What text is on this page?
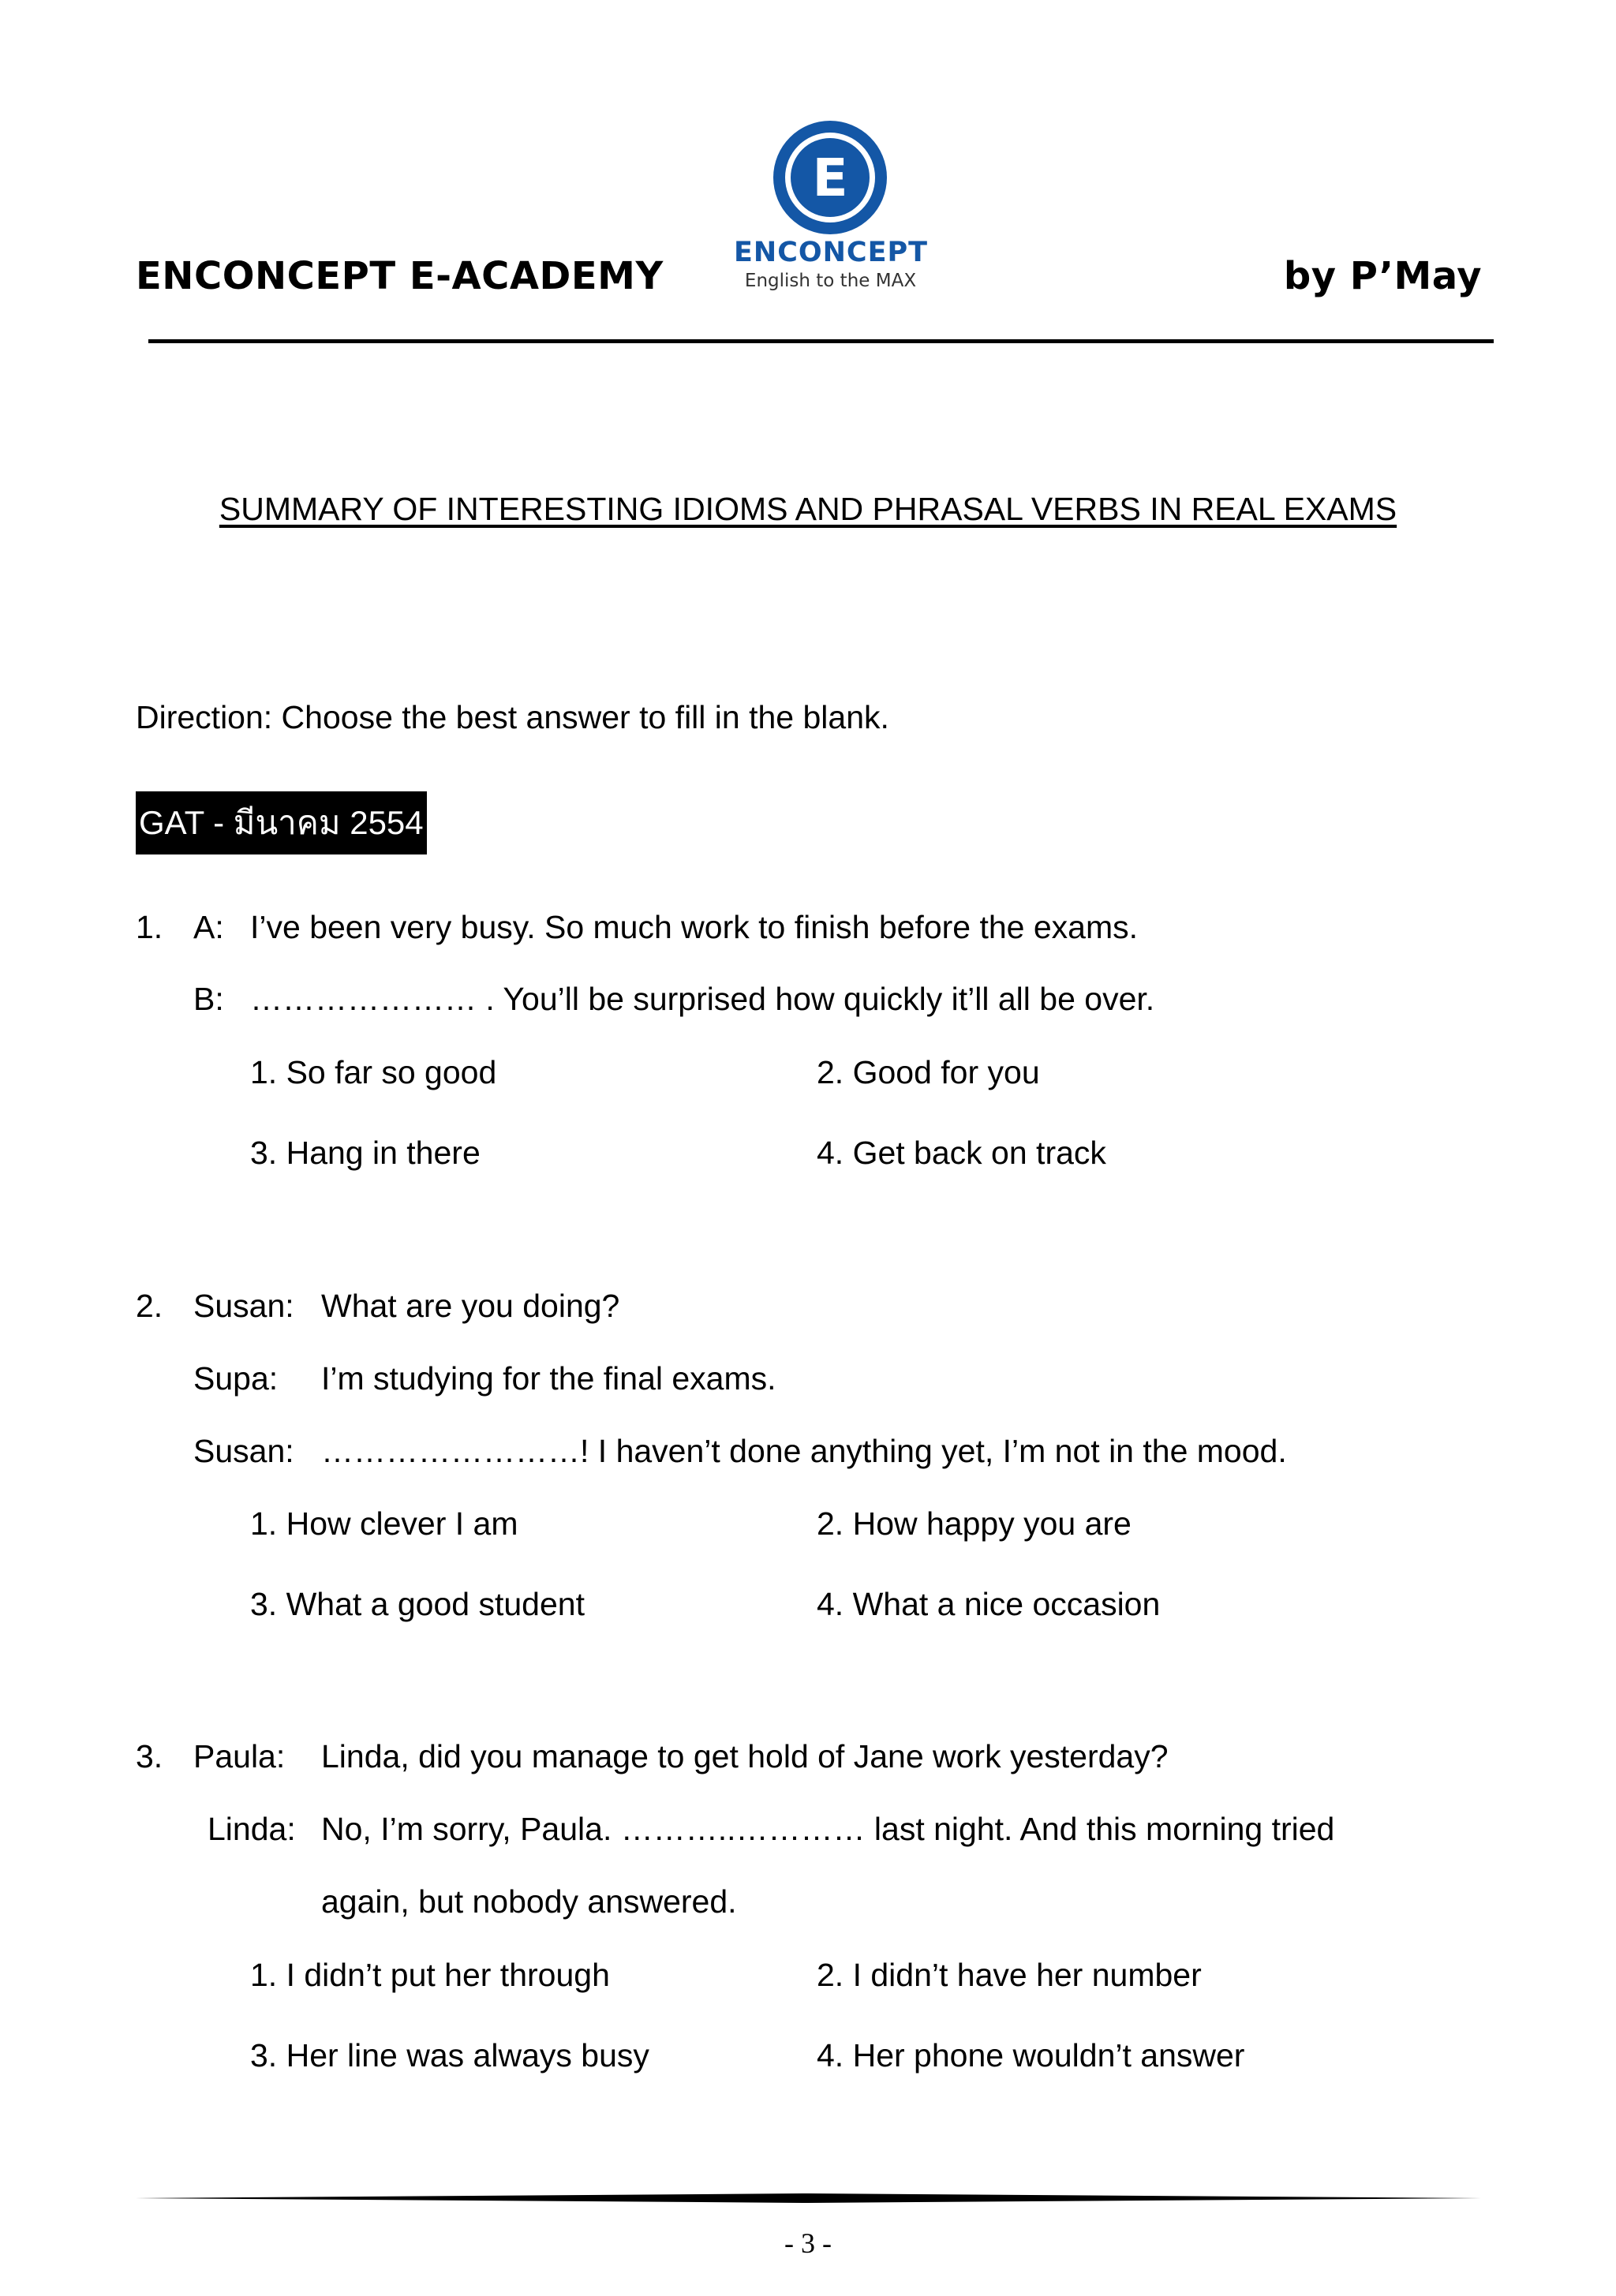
ENCONCEPT E-ACADEMY
E
ENCONCEPT
English to the MAX	by P’May
SUMMARY OF INTERESTING IDIOMS AND PHRASAL VERBS IN REAL EXAMS
Direction: Choose the best answer to fill in the blank.
GAT - มีนาคม 2554
1. A: I’ve been very busy. So much work to finish before the exams.
B: ………………… . You’ll be surprised how quickly it’ll all be over.
1. So far so good	2. Good for you
3. Hang in there	4. Get back on track
2. Susan: What are you doing?
Supa: I’m studying for the final exams.
Susan: ……………………! I haven’t done anything yet, I’m not in the mood.
1. How clever I am	2. How happy you are
3. What a good student	4. What a nice occasion
3. Paula: Linda, did you manage to get hold of Jane work yesterday?
Linda: No, I’m sorry, Paula. ………..………… last night. And this morning tried
again, but nobody answered.
1. I didn’t put her through	2. I didn’t have her number
3. Her line was always busy	4. Her phone wouldn’t answer
- 3 -
